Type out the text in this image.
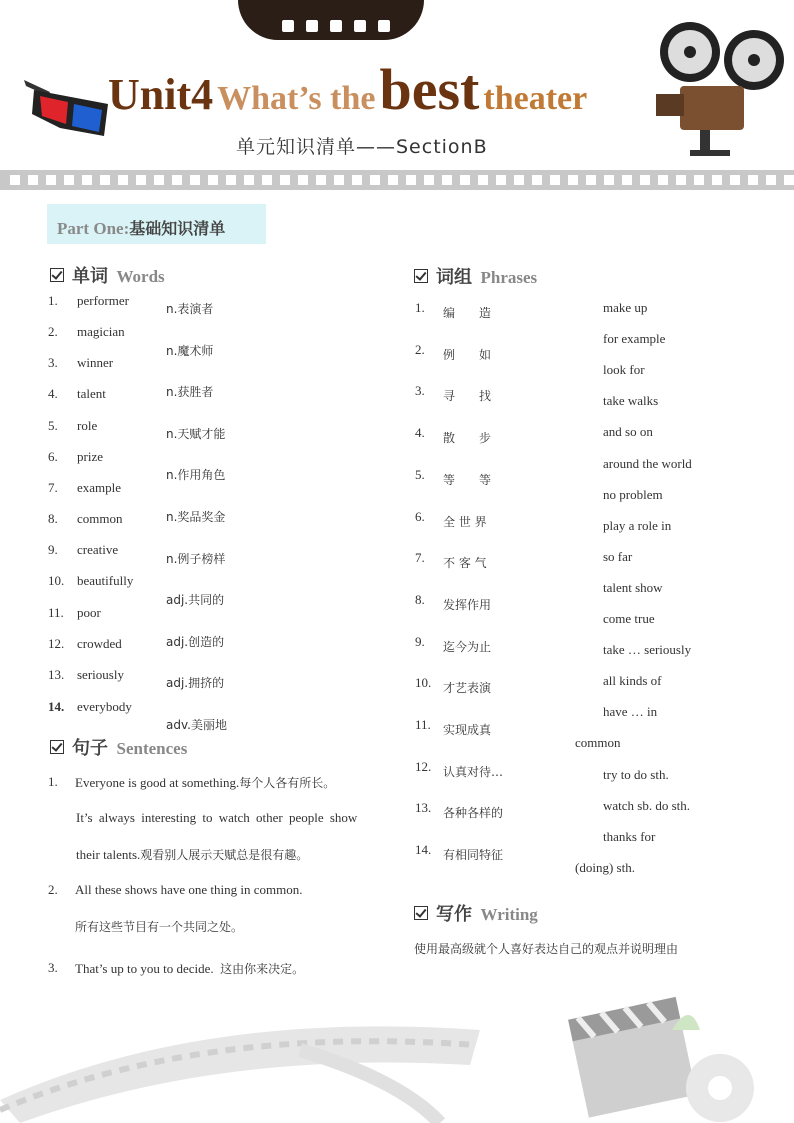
Unit4 What’s the best theater
单元知识清单——SectionB
Part One:基础知识清单
单词 Words
1. performer
2. magician
3. winner
4. talent
5. role
6. prize
7. example
8. common
9. creative
10. beautifully
11. poor
12. crowded
13. seriously
14. everybody
n.表演者
n.魔术师
n.获胜者
n.天赋才能
n.作用角色
n.奖品奖金
n.例子榜样
adj.共同的
adj.创造的
adj.拥挤的
adv.美丽地
句子 Sentences
1. Everyone is good at something.每个人各有所长。
It’s always interesting to watch other people show
their talents.观看别人展示天赋总是很有趣。
2. All these shows have one thing in common.
所有这些节目有一个共同之处。
3. That’s up to you to decide. 这由你来决定。
词组 Phrases
1. 编　　造
2. 例　　如
3. 寻　　找
4. 散　　步
5. 等　　等
6. 全 世 界
7. 不 客 气
8. 发挥作用
9. 迄今为止
10. 才艺表演
11. 实现成真
12. 认真对待…
13. 各种各样的
14. 有相同特征
make up
for example
look for
take walks
and so on
around the world
no problem
play a role in
so far
talent show
come true
take … seriously
all kinds of
have … in
common
try to do sth.
watch sb. do sth.
thanks for
(doing) sth.
写作 Writing
使用最高级就个人喜好表达自己的观点并说明理由
